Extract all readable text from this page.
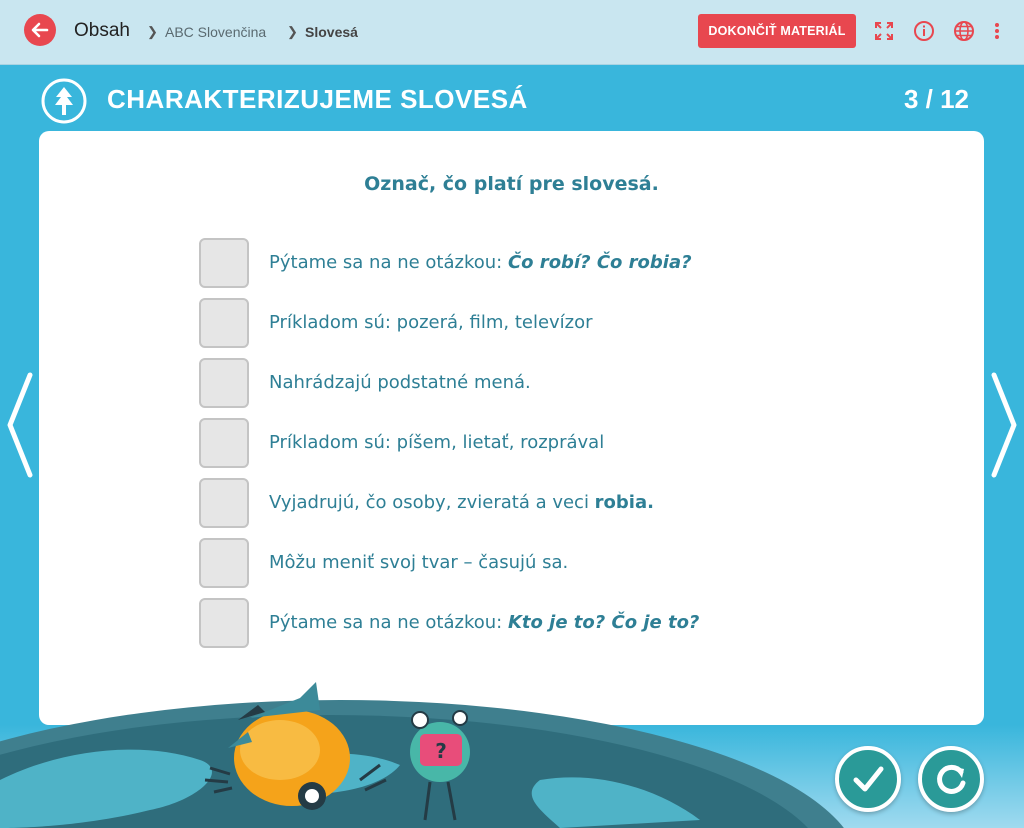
Obsah ❯ ABC Slovenčina ❯ Slovesá	DOKONČIŤ MATERIÁL
CHARAKTERIZUJEME SLOVESÁ	3 / 12
Označ, čo platí pre slovesá.
Pýtame sa na ne otázkou: Čo robí? Čo robia?
Príkladom sú: pozerá, film, televízor
Nahrádzajú podstatné mená.
Príkladom sú: píšem, lietať, rozprával
Vyjadrujú, čo osoby, zvieratá a veci robia.
Môžu meniť svoj tvar – časujú sa.
Pýtame sa na ne otázkou: Kto je to? Čo je to?
?
